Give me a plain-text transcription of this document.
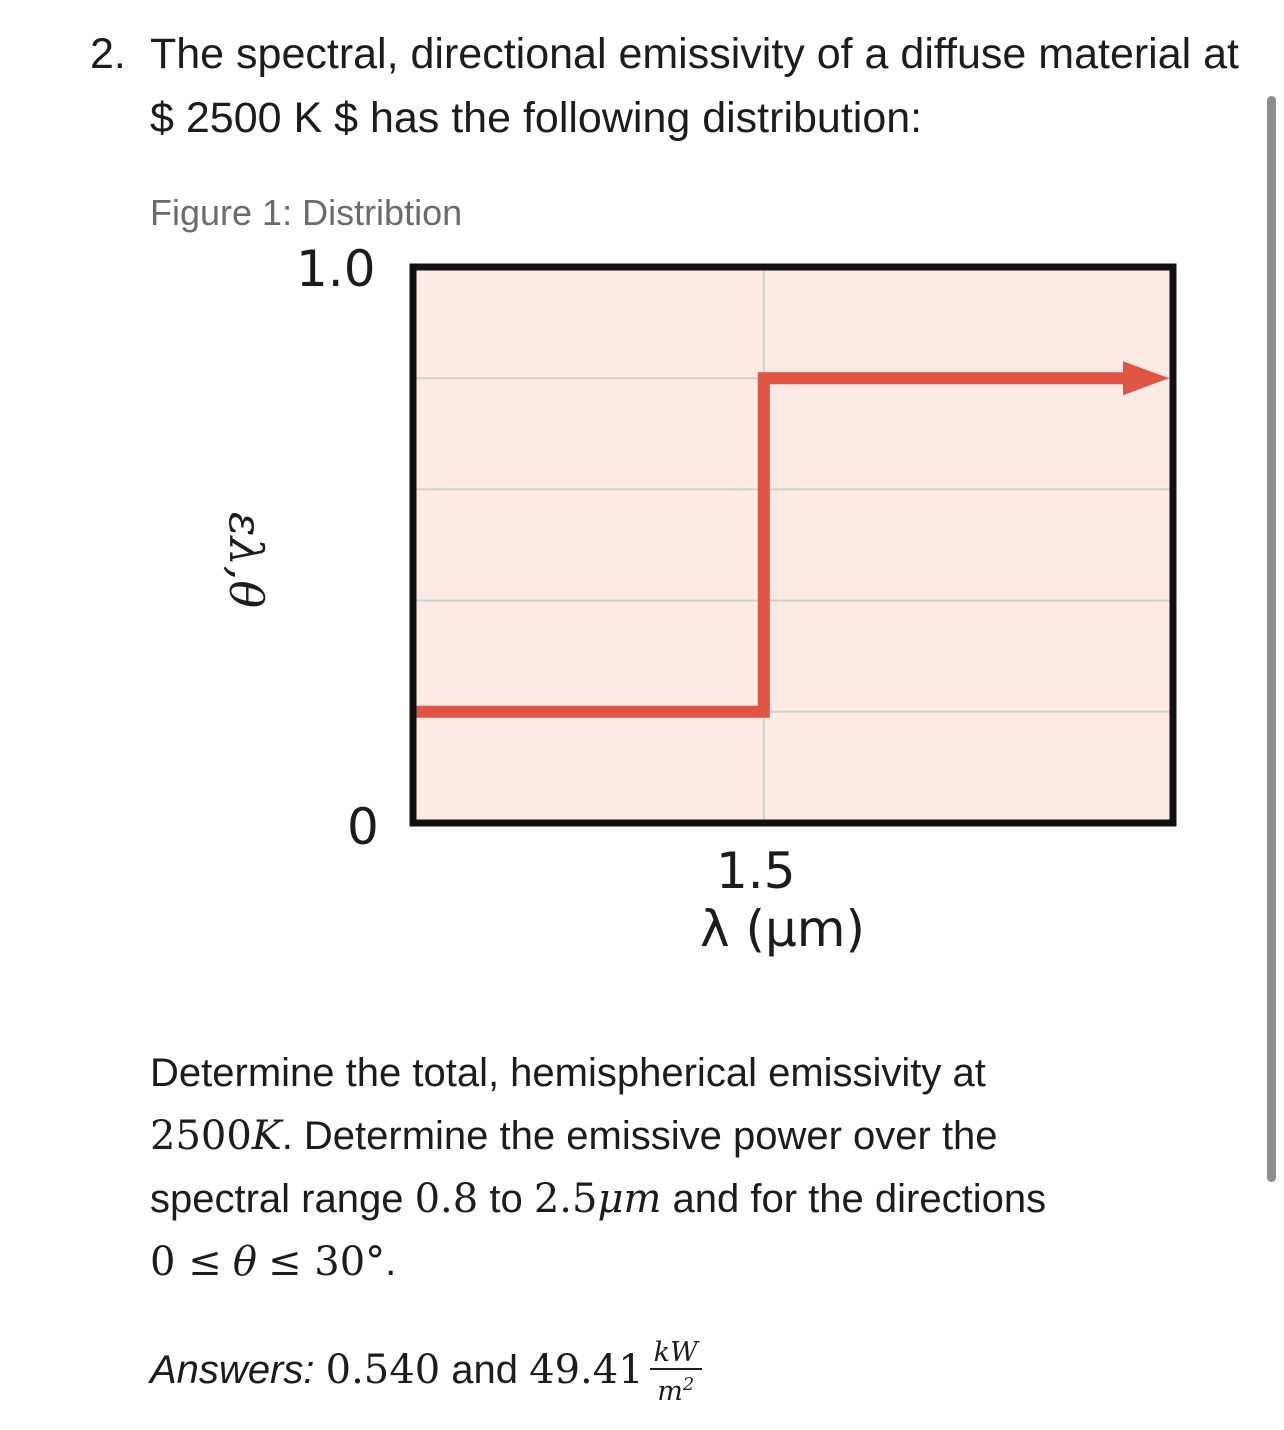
2. The spectral, directional emissivity of a diffuse material at $ 2500 K $ has the following distribution:
Figure 1: Distribtion
1.0
0
1.5
λ (μm)
ελ,θ
Determine the total, hemispherical emissivity at
2500K. Determine the emissive power over the
spectral range 0.8 to 2.5μm and for the directions
0 ≤ θ ≤ 30°.
Answers: 0.540 and $49.41 \frac{kW}{m^2}$
